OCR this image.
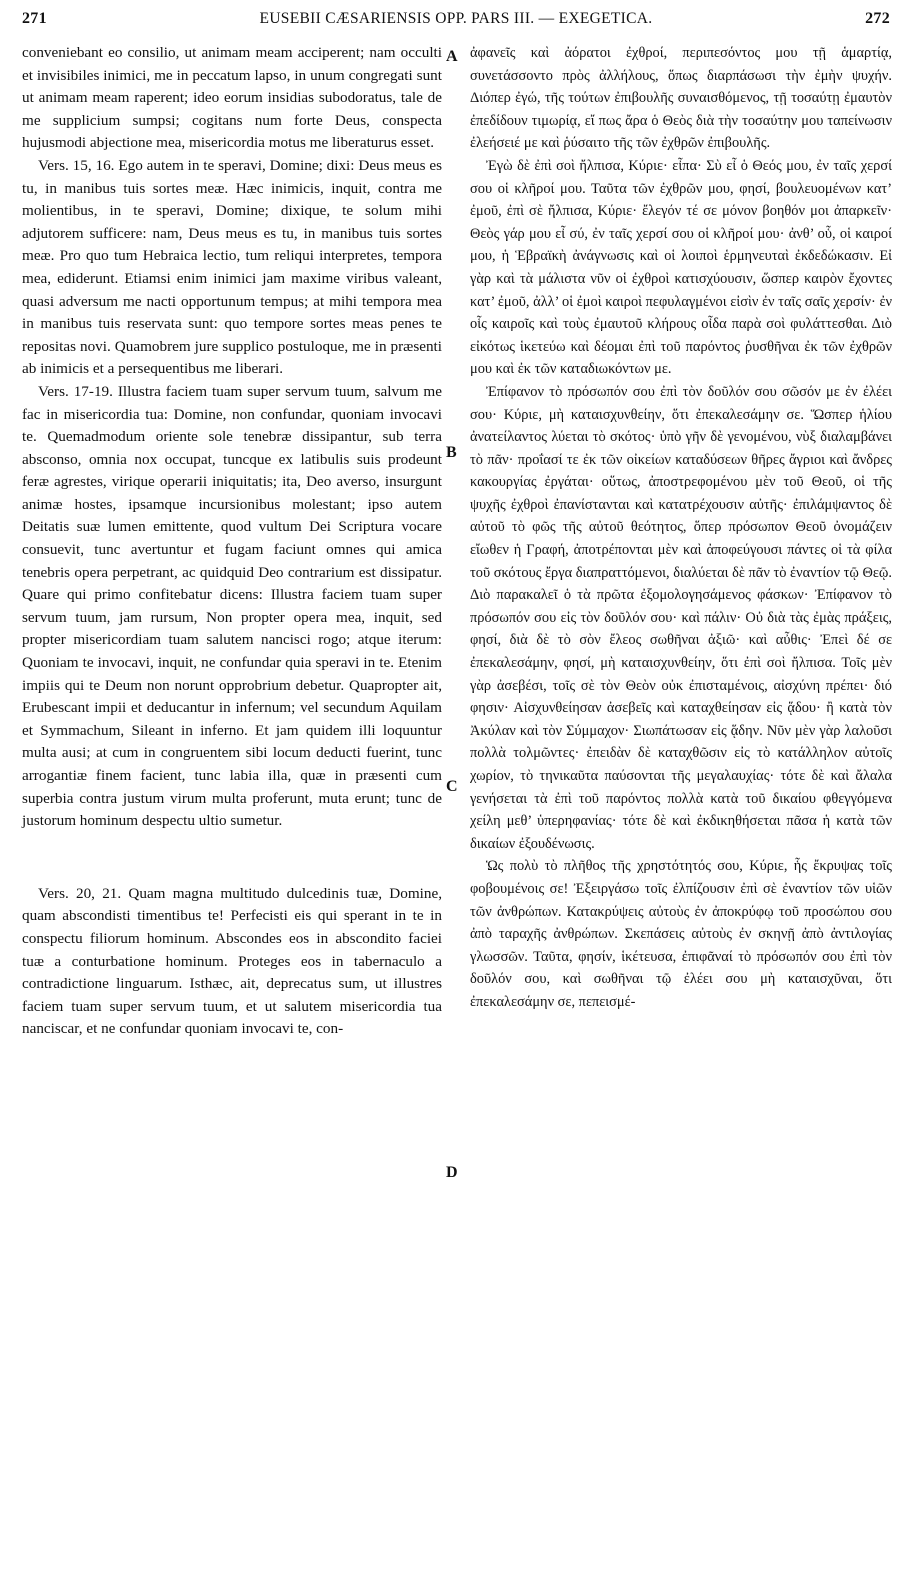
271	EUSEBII CÆSARIENSIS OPP. PARS III. — EXEGETICA.	272

conveniebant eo consilio, ut animam meam acciperent; nam occulti et invisibiles inimici, me in peccatum lapso, in unum congregati sunt ut animam meam raperent; ideo eorum insidias subodoratus, tale de me supplicium sumpsi; cogitans num forte Deus, conspecta hujusmodi abjectione mea, misericordia motus me liberaturus esset.

Vers. 15, 16. Ego autem in te speravi, Domine; dixi: Deus meus es tu, in manibus tuis sortes meæ. Hæc inimicis, inquit, contra me molientibus, in te speravi, Domine; dixique, te solum mihi adjutorem sufficere: nam, Deus meus es tu, in manibus tuis sortes meæ. Pro quo tum Hebraica lectio, tum reliqui interpretes, tempora mea, ediderunt. Etiamsi enim inimici jam maxime viribus valeant, quasi adversum me nacti opportunum tempus; at mihi tempora mea in manibus tuis reservata sunt: quo tempore sortes meas penes te repositas novi. Quamobrem jure supplico postuloque, me in præsenti ab inimicis et a persequentibus me liberari.

Vers. 17-19. Illustra faciem tuam super servum tuum, salvum me fac in misericordia tua: Domine, non confundar, quoniam invocavi te. Quemadmodum oriente sole tenebræ dissipantur, sub terra absconso, omnia nox occupat, tuncque ex latibulis suis prodeunt feræ agrestes, virique operarii iniquitatis; ita, Deo averso, insurgunt animæ hostes, ipsamque incursionibus molestant; ipso autem Deitatis suæ lumen emittente, quod vultum Dei Scriptura vocare consuevit, tunc avertuntur et fugam faciunt omnes qui amica tenebris opera perpetrant, ac quidquid Deo contrarium est dissipatur. Quare qui primo confitebatur dicens: Illustra faciem tuam super servum tuum, jam rursum, Non propter opera mea, inquit, sed propter misericordiam tuam salutem nancisci rogo; atque iterum: Quoniam te invocavi, inquit, ne confundar quia speravi in te. Etenim impiis qui te Deum non norunt opprobrium debetur. Quapropter ait, Erubescant impii et deducantur in infernum; vel secundum Aquilam et Symmachum, Sileant in inferno. Et jam quidem illi loquuntur multa ausi; at cum in congruentem sibi locum deducti fuerint, tunc arrogantiæ finem facient, tunc labia illa, quæ in præsenti cum superbia contra justum virum multa proferunt, muta erunt; tunc de justorum hominum despectu ultio sumetur.

Vers. 20, 21. Quam magna multitudo dulcedinis tuæ, Domine, quam abscondisti timentibus te! Perfecisti eis qui sperant in te in conspectu filiorum hominum. Abscondes eos in abscondito faciei tuæ a conturbatione hominum. Proteges eos in tabernaculo a contradictione linguarum. Isthæc, ait, deprecatus sum, ut illustres faciem tuam super servum tuum, et ut salutem misericordia tua nanciscar, et ne confundar quoniam invocavi te, con-

A
B
C
D

ἀφανεῖς καὶ ἀόρατοι ἐχθροί, περιπεσόντος μου τῇ ἁμαρτίᾳ, συνετάσσοντο πρὸς ἀλλήλους, ὅπως διαρπάσωσι τὴν ἐμὴν ψυχήν. Διόπερ ἐγώ, τῆς τούτων ἐπιβουλῆς συναισθόμενος, τῇ τοσαύτῃ ἐμαυτὸν ἐπεδίδουν τιμωρίᾳ, εἴ πως ἄρα ὁ Θεὸς διὰ τὴν τοσαύτην μου ταπείνωσιν ἐλεήσειέ με καὶ ῥύσαιτο τῆς τῶν ἐχθρῶν ἐπιβουλῆς.

Ἐγὼ δὲ ἐπὶ σοὶ ἤλπισα, Κύριε· εἶπα· Σὺ εἶ ὁ Θεός μου, ἐν ταῖς χερσί σου οἱ κλῆροί μου. Ταῦτα τῶν ἐχθρῶν μου, φησί, βουλευομένων κατ’ ἐμοῦ, ἐπὶ σὲ ἤλπισα, Κύριε· ἔλεγόν τέ σε μόνον βοηθόν μοι ἀπαρκεῖν· Θεὸς γάρ μου εἶ σύ, ἐν ταῖς χερσί σου οἱ κλῆροί μου· ἀνθ’ οὗ, οἱ καιροί μου, ἡ Ἑβραϊκὴ ἀνάγνωσις καὶ οἱ λοιποὶ ἑρμηνευταὶ ἐκδεδώκασιν. Εἰ γὰρ καὶ τὰ μάλιστα νῦν οἱ ἐχθροὶ κατισχύουσιν, ὥσπερ καιρὸν ἔχοντες κατ’ ἐμοῦ, ἀλλ’ οἱ ἐμοὶ καιροὶ πεφυλαγμένοι εἰσὶν ἐν ταῖς σαῖς χερσίν· ἐν οἷς καιροῖς καὶ τοὺς ἐμαυτοῦ κλήρους οἶδα παρὰ σοὶ φυλάττεσθαι. Διὸ εἰκότως ἱκετεύω καὶ δέομαι ἐπὶ τοῦ παρόντος ῥυσθῆναι ἐκ τῶν ἐχθρῶν μου καὶ ἐκ τῶν καταδιωκόντων με.

Ἐπίφανον τὸ πρόσωπόν σου ἐπὶ τὸν δοῦλόν σου σῶσόν με ἐν ἐλέει σου· Κύριε, μὴ καταισχυνθείην, ὅτι ἐπεκαλεσάμην σε. Ὥσπερ ἡλίου ἀνατείλαντος λύεται τὸ σκότος· ὑπὸ γῆν δὲ γενομένου, νὺξ διαλαμβάνει τὸ πᾶν· προΐασί τε ἐκ τῶν οἰκείων καταδύσεων θῆρες ἄγριοι καὶ ἄνδρες κακουργίας ἐργάται· οὕτως, ἀποστρεφομένου μὲν τοῦ Θεοῦ, οἱ τῆς ψυχῆς ἐχθροὶ ἐπανίστανται καὶ κατατρέχουσιν αὐτῆς· ἐπιλάμψαντος δὲ αὐτοῦ τὸ φῶς τῆς αὐτοῦ θεότητος, ὅπερ πρόσωπον Θεοῦ ὀνομάζειν εἴωθεν ἡ Γραφή, ἀποτρέπονται μὲν καὶ ἀποφεύγουσι πάντες οἱ τὰ φίλα τοῦ σκότους ἔργα διαπραττόμενοι, διαλύεται δὲ πᾶν τὸ ἐναντίον τῷ Θεῷ. Διὸ παρακαλεῖ ὁ τὰ πρῶτα ἐξομολογησάμενος φάσκων· Ἐπίφανον τὸ πρόσωπόν σου εἰς τὸν δοῦλόν σου· καὶ πάλιν· Οὐ διὰ τὰς ἐμὰς πράξεις, φησί, διὰ δὲ τὸ σὸν ἔλεος σωθῆναι ἀξιῶ· καὶ αὖθις· Ἐπεὶ δέ σε ἐπεκαλεσάμην, φησί, μὴ καταισχυνθείην, ὅτι ἐπὶ σοὶ ἤλπισα. Τοῖς μὲν γὰρ ἀσεβέσι, τοῖς σὲ τὸν Θεὸν οὐκ ἐπισταμένοις, αἰσχύνη πρέπει· διό φησιν· Αἰσχυνθείησαν ἀσεβεῖς καὶ καταχθείησαν εἰς ᾅδου· ἢ κατὰ τὸν Ἀκύλαν καὶ τὸν Σύμμαχον· Σιωπάτωσαν εἰς ᾅδην. Νῦν μὲν γὰρ λαλοῦσι πολλὰ τολμῶντες· ἐπειδὰν δὲ καταχθῶσιν εἰς τὸ κατάλληλον αὐτοῖς χωρίον, τὸ τηνικαῦτα παύσονται τῆς μεγαλαυχίας· τότε δὲ καὶ ἄλαλα γενήσεται τὰ ἐπὶ τοῦ παρόντος πολλὰ κατὰ τοῦ δικαίου φθεγγόμενα χείλη μεθ’ ὑπερηφανίας· τότε δὲ καὶ ἐκδικηθήσεται πᾶσα ἡ κατὰ τῶν δικαίων ἐξουδένωσις.

Ὡς πολὺ τὸ πλῆθος τῆς χρηστότητός σου, Κύριε, ἧς ἔκρυψας τοῖς φοβουμένοις σε! Ἐξειργάσω τοῖς ἐλπίζουσιν ἐπὶ σὲ ἐναντίον τῶν υἱῶν τῶν ἀνθρώπων. Κατακρύψεις αὐτοὺς ἐν ἀποκρύφῳ τοῦ προσώπου σου ἀπὸ ταραχῆς ἀνθρώπων. Σκεπάσεις αὐτοὺς ἐν σκηνῇ ἀπὸ ἀντιλογίας γλωσσῶν. Ταῦτα, φησίν, ἱκέτευσα, ἐπιφᾶναί τὸ πρόσωπόν σου ἐπὶ τὸν δοῦλόν σου, καὶ σωθῆναι τῷ ἐλέει σου μὴ καταισχῦναι, ὅτι ἐπεκαλεσάμην σε, πεπεισμέ-
